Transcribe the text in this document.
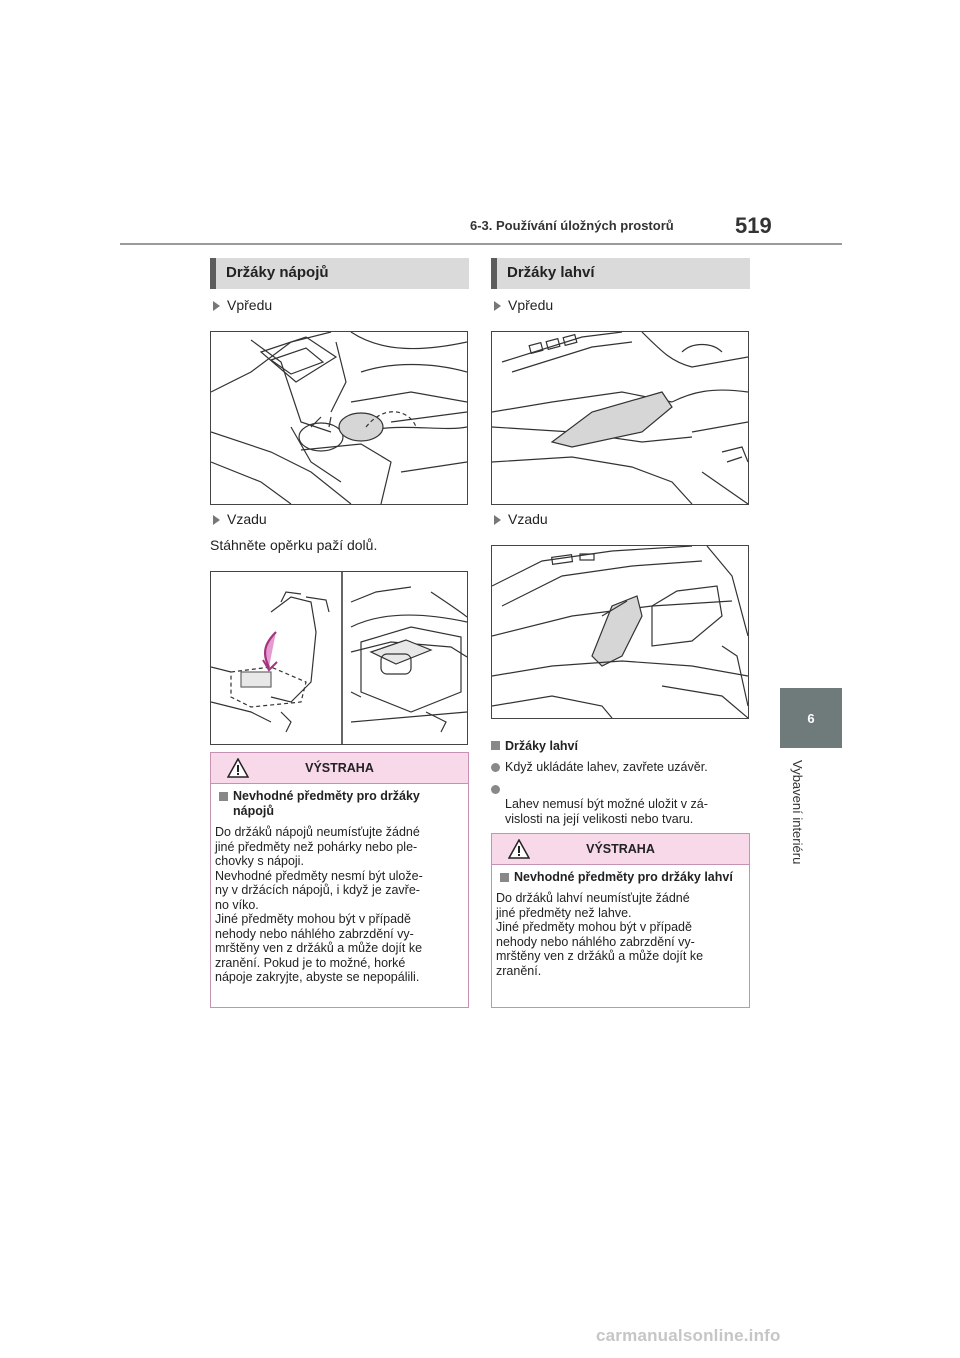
6-3. Používání úložných prostorů	519
6
Vybavení interiéru
Držáky nápojů
Vpředu
Vzadu
Stáhněte opěrku paží dolů.
VÝSTRAHA
Nevhodné předměty pro držáky nápojů
Do držáků nápojů neumísťujte žádné
jiné předměty než pohárky nebo ple-
chovky s nápoji.
Nevhodné předměty nesmí být ulože-
ny v držácích nápojů, i když je zavře-
no víko.
Jiné předměty mohou být v případě
nehody nebo náhlého zabrzdění vy-
mrštěny ven z držáků a může dojít ke
zranění. Pokud je to možné, horké
nápoje zakryjte, abyste se nepopálili.
Držáky lahví
Vpředu
Vzadu
Držáky lahví
Když ukládáte lahev, zavřete uzávěr.

Lahev nemusí být možné uložit v zá-
vislosti na její velikosti nebo tvaru.

VÝSTRAHA
Nevhodné předměty pro držáky lahví
Do držáků lahví neumísťujte žádné
jiné předměty než lahve.
Jiné předměty mohou být v případě
nehody nebo náhlého zabrzdění vy-
mrštěny ven z držáků a může dojít ke
zranění.
carmanualsonline.info
